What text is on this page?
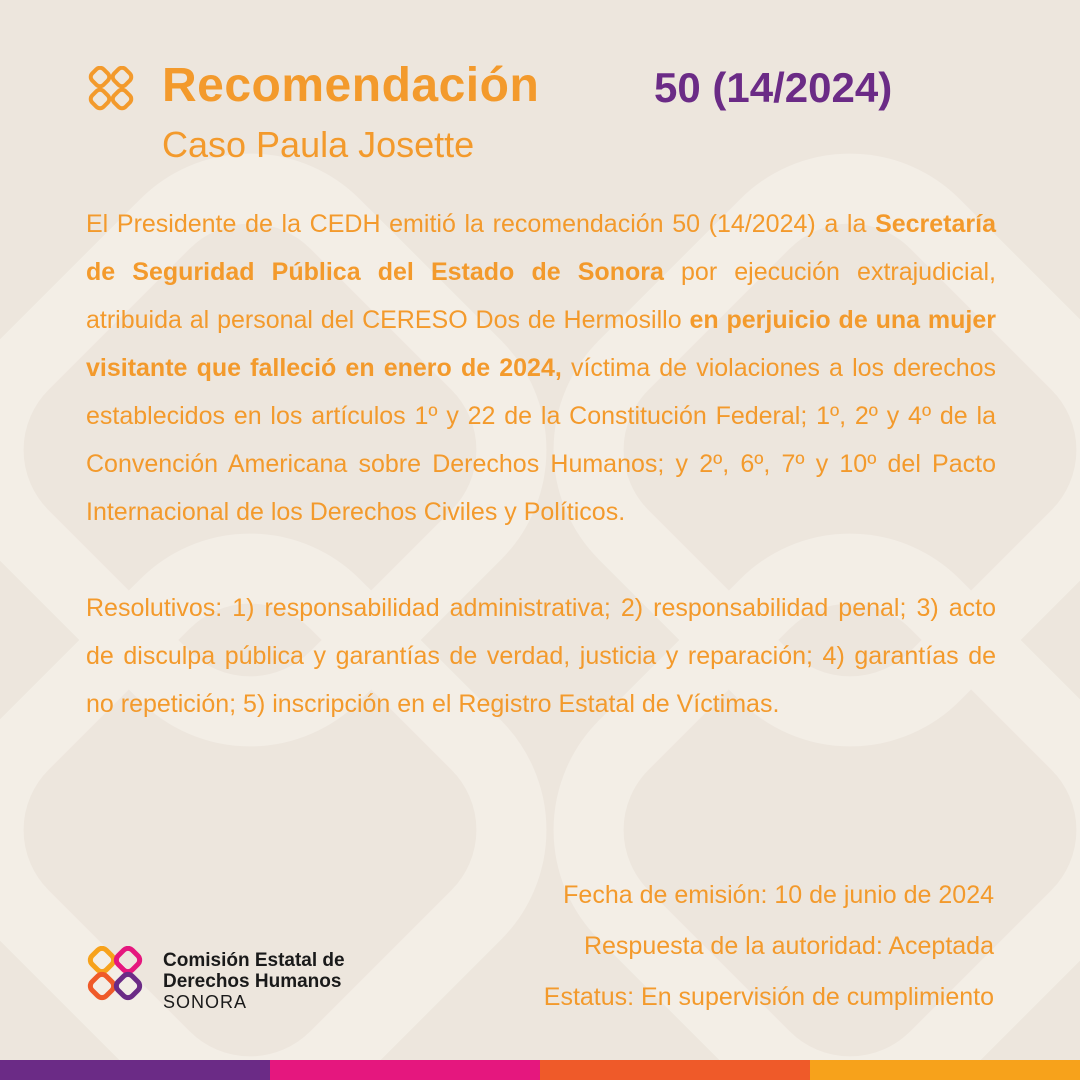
Recomendación	50 (14/2024)
Caso Paula Josette

El Presidente de la CEDH emitió la recomendación 50 (14/2024) a la Secretaría de Seguridad Pública del Estado de Sonora por ejecución extrajudicial, atribuida al personal del CERESO Dos de Hermosillo en perjuicio de una mujer visitante que falleció en enero de 2024, víctima de violaciones a los derechos establecidos en los artículos 1º y 22 de la Constitución Federal; 1º, 2º y 4º de la Convención Americana sobre Derechos Humanos; y 2º, 6º, 7º y 10º del Pacto Internacional de los Derechos Civiles y Políticos.

Resolutivos: 1) responsabilidad administrativa; 2) responsabilidad penal; 3) acto de disculpa pública y garantías de verdad, justicia y reparación; 4) garantías de no repetición; 5) inscripción en el Registro Estatal de Víctimas.

Fecha de emisión: 10 de junio de 2024
Respuesta de la autoridad: Aceptada
Estatus: En supervisión de cumplimiento
Comisión Estatal de
Derechos Humanos
SONORA
